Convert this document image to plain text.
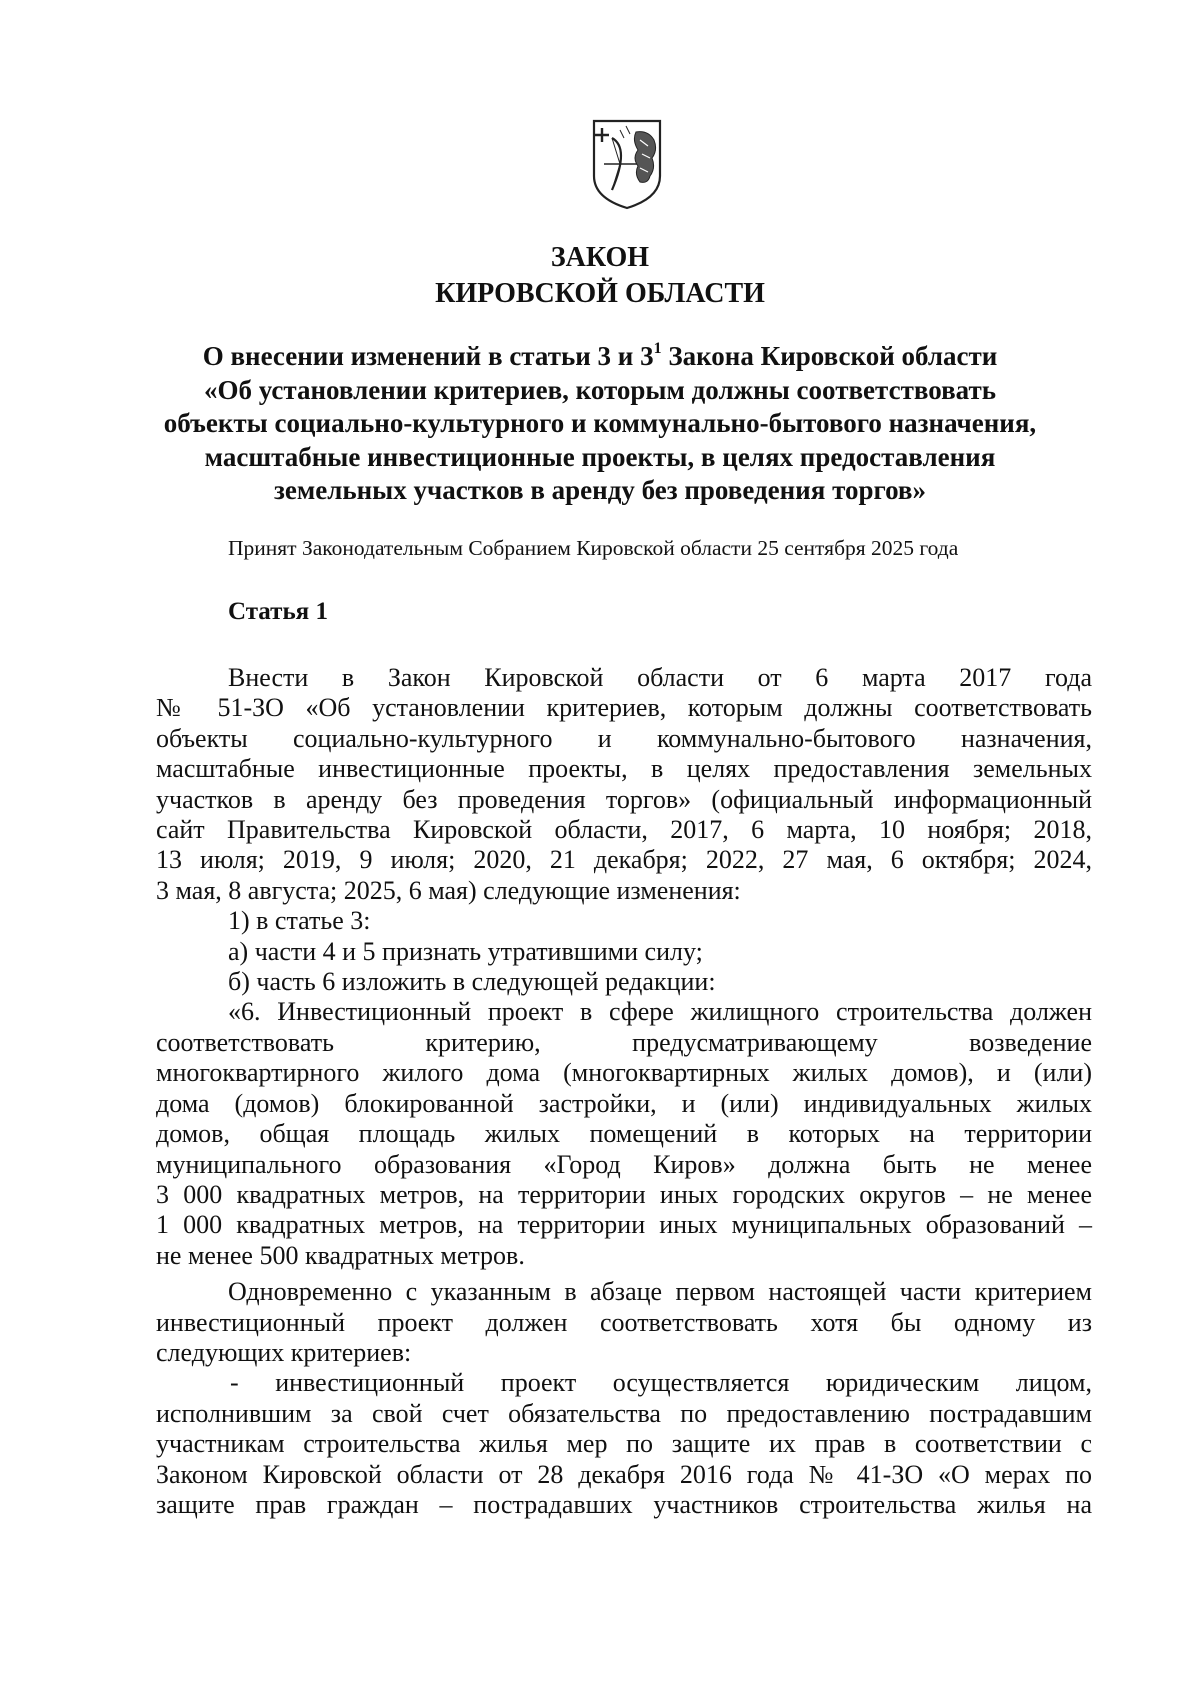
ЗАКОН
КИРОВСКОЙ ОБЛАСТИ
О внесении изменений в статьи 3 и $3^1$ Закона Кировской области
«Об установлении критериев, которым должны соответствовать
объекты социально-культурного и коммунально-бытового назначения,
масштабные инвестиционные проекты, в целях предоставления
земельных участков в аренду без проведения торгов»
Принят Законодательным Собранием Кировской области 25 сентября 2025 года
Статья 1

Внести в Закон Кировской области от 6 марта 2017 года

№ 51-ЗО «Об установлении критериев, которым должны соответствовать

объекты социально-культурного и коммунально-бытового назначения,

масштабные инвестиционные проекты, в целях предоставления земельных

участков в аренду без проведения торгов» (официальный информационный

сайт Правительства Кировской области, 2017, 6 марта, 10 ноября; 2018,

13 июля; 2019, 9 июля; 2020, 21 декабря; 2022, 27 мая, 6 октября; 2024,

3 мая, 8 августа; 2025, 6 мая) следующие изменения:

1) в статье 3:

а) части 4 и 5 признать утратившими силу;

б) часть 6 изложить в следующей редакции:

«6. Инвестиционный проект в сфере жилищного строительства должен

соответствовать критерию, предусматривающему возведение

многоквартирного жилого дома (многоквартирных жилых домов), и (или)

дома (домов) блокированной застройки, и (или) индивидуальных жилых

домов, общая площадь жилых помещений в которых на территории

муниципального образования «Город Киров» должна быть не менее

3 000 квадратных метров, на территории иных городских округов – не менее

1 000 квадратных метров, на территории иных муниципальных образований –

не менее 500 квадратных метров.

Одновременно с указанным в абзаце первом настоящей части критерием

инвестиционный проект должен соответствовать хотя бы одному из

следующих критериев:

- инвестиционный проект осуществляется юридическим лицом,

исполнившим за свой счет обязательства по предоставлению пострадавшим

участникам строительства жилья мер по защите их прав в соответствии с

Законом Кировской области от 28 декабря 2016 года № 41-ЗО «О мерах по

защите прав граждан – пострадавших участников строительства жилья на
